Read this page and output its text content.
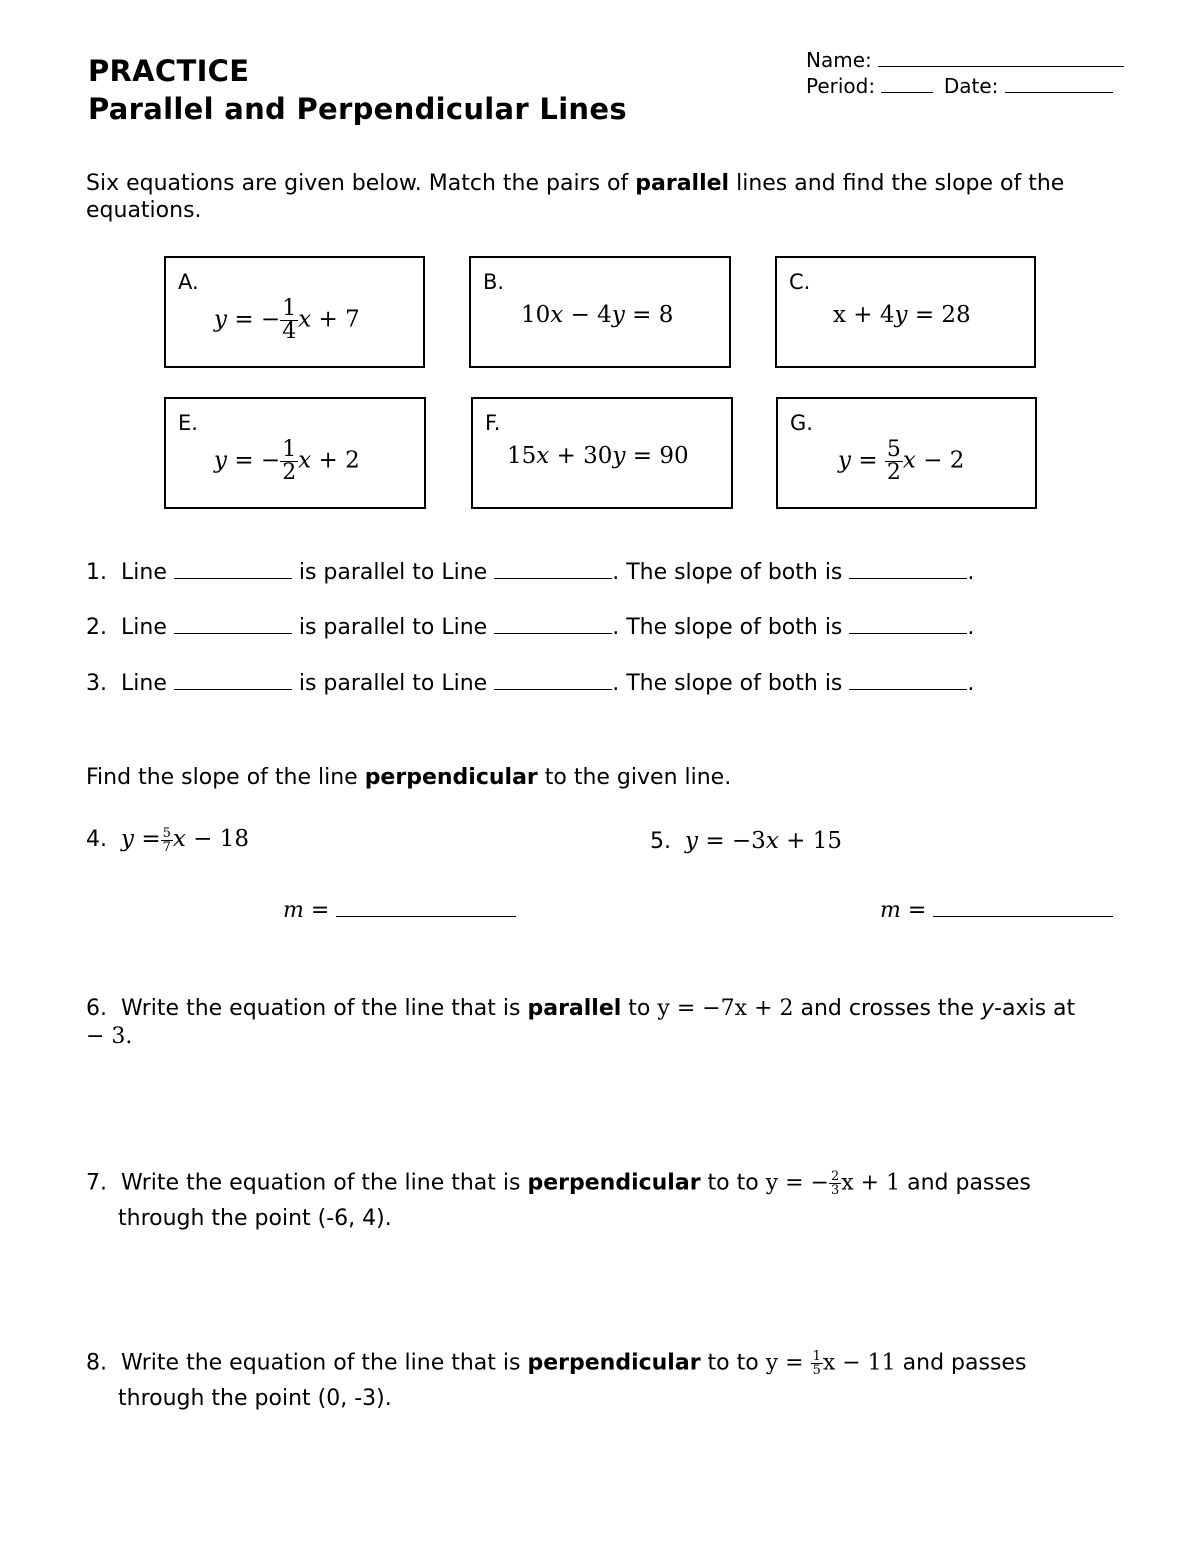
PRACTICE
Parallel and Perpendicular Lines
Name:
Period:	Date:
Six equations are given below. Match the pairs of parallel lines and find the slope of the equations.
A.
y = − $\frac{1}{4}$ x + 7
B.
10x − 4y = 8
C.
x + 4y = 28
E.
y = − $\frac{1}{2}$ x + 2
F.
15x + 30y = 90
G.
$y = \frac{5}{2}$ x − 2
1. Line	is parallel to Line	. The slope of both is	.
2. Line	is parallel to Line	. The slope of both is	.
3. Line	is parallel to Line	. The slope of both is	.
Find the slope of the line perpendicular to the given line.
4. $y = \frac{5}{7}$ x − 18	5. y = −3x + 15
m =	m =
6. Write the equation of the line that is parallel to y = −7x + 2 and crosses the y-axis at
− 3.
7. Write the equation of the line that is perpendicular to to y = − $\frac{2}{3}$ x + 1 and passes
through the point (-6, 4).
8. Write the equation of the line that is perpendicular to to $y = \frac{1}{5}$ x − 11 and passes
through the point (0, -3).
